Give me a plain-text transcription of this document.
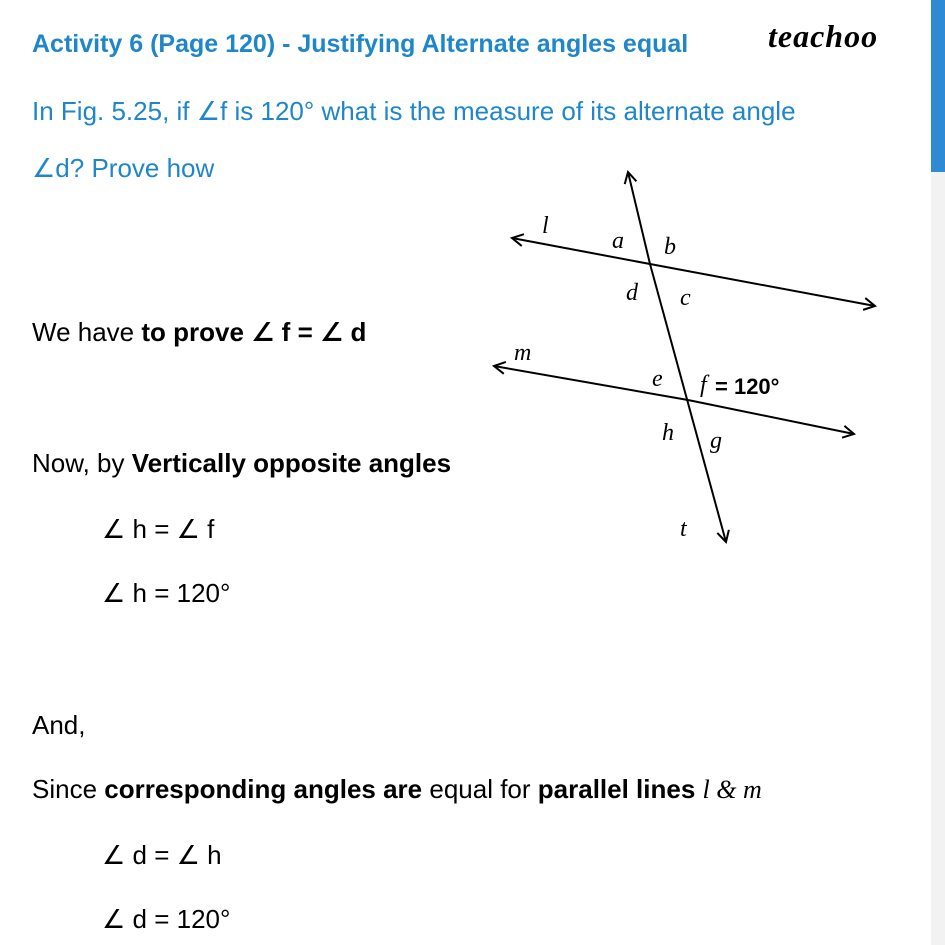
Activity 6 (Page 120) - Justifying Alternate angles equal teachoo
In Fig. 5.25, if ∠f is 120° what is the measure of its alternate angle
∠d? Prove how
l
m
t
a b
d c
e f = 120°
h g
We have to prove ∠ f = ∠ d
Now, by Vertically opposite angles
∠ h = ∠ f
∠ h = 120°
And,
Since corresponding angles are equal for parallel lines l & m
∠ d = ∠ h
∠ d = 120°
